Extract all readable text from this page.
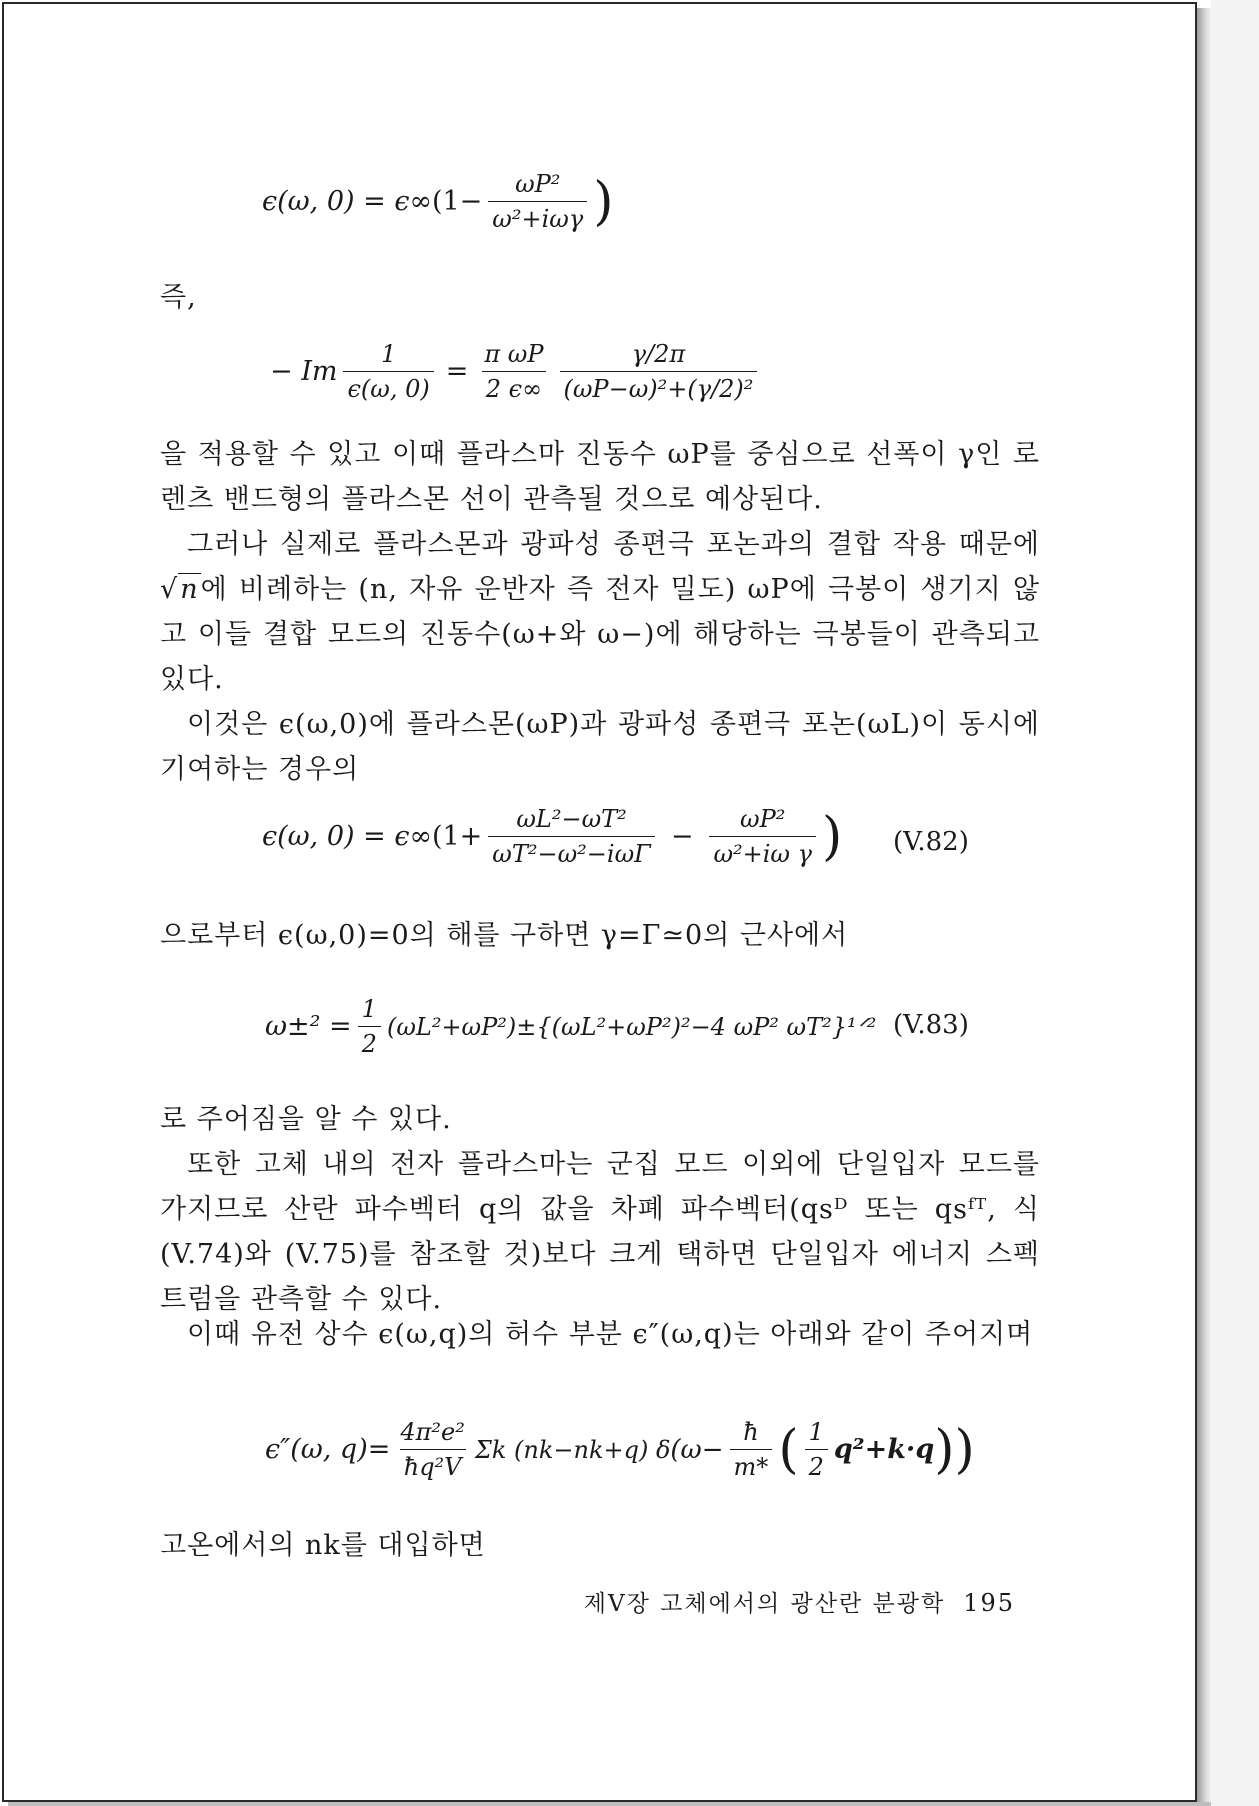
ϵ(ω, 0) = ϵ∞ ($1- \frac{\text{ωP²}}{\text{ω²+iωγ}}$ )
즉,
− Im $\frac{1}{\epsilon(\omega, 0)} = \frac{\text{π ωP}}{2 \epsilon\infty} \frac{\gamma/2\pi}{\text{(ωP−ω)²+(γ/2)²}}$
을 적용할 수 있고 이때 플라스마 진동수 ωP를 중심으로 선폭이 γ인 로렌츠 밴드형의 플라스몬 선이 관측될 것으로 예상된다.
그러나 실제로 플라스몬과 광파성 종편극 포논과의 결합 작용 때문에 √n에 비례하는 (n, 자유 운반자 즉 전자 밀도) ωP에 극봉이 생기지 않고 이들 결합 모드의 진동수(ω+와 ω−)에 해당하는 극봉들이 관측되고 있다.
이것은 ϵ(ω,0)에 플라스몬(ωP)과 광파성 종편극 포논(ωL)이 동시에 기여하는 경우의
ϵ(ω, 0) = ϵ∞ ($1+ \frac{\text{ωL²−ωT²}}{\text{ωT²−ω²−iωΓ}} - \frac{\text{ωP²}}{\text{ω²+iω γ}}$ ) (V.82)
으로부터 ϵ(ω,0)=0의 해를 구하면 γ=Γ≃0의 근사에서
$\omega\pm^2 = \frac{1}{2} (\omega L^2+\omega P^2)\pm\{(\omega L^2+\omega P^2)^2-4$ ωP² ωT²}¹ᐟ² (V.83)
로 주어짐을 알 수 있다.
또한 고체 내의 전자 플라스마는 군집 모드 이외에 단일입자 모드를 가지므로 산란 파수벡터 q의 값을 차폐 파수벡터(qsᴰ 또는 qsᶠᵀ, 식 (V.74)와 (V.75)를 참조할 것)보다 크게 택하면 단일입자 에너지 스펙트럼을 관측할 수 있다.
이때 유전 상수 ϵ(ω,q)의 허수 부분 ϵ″(ω,q)는 아래와 같이 주어지며
ϵ″(ω, $q)= \frac{\text{4π²e²}}{\text{ħq²V}}$ Σk (nk−nk+q) δ ($\omega- \frac{ħ}{m*}$ ( $\frac{1}{2} q^2+k\cdot q$ ))
고온에서의 nk를 대입하면
제V장 고체에서의 광산란 분광학 195
